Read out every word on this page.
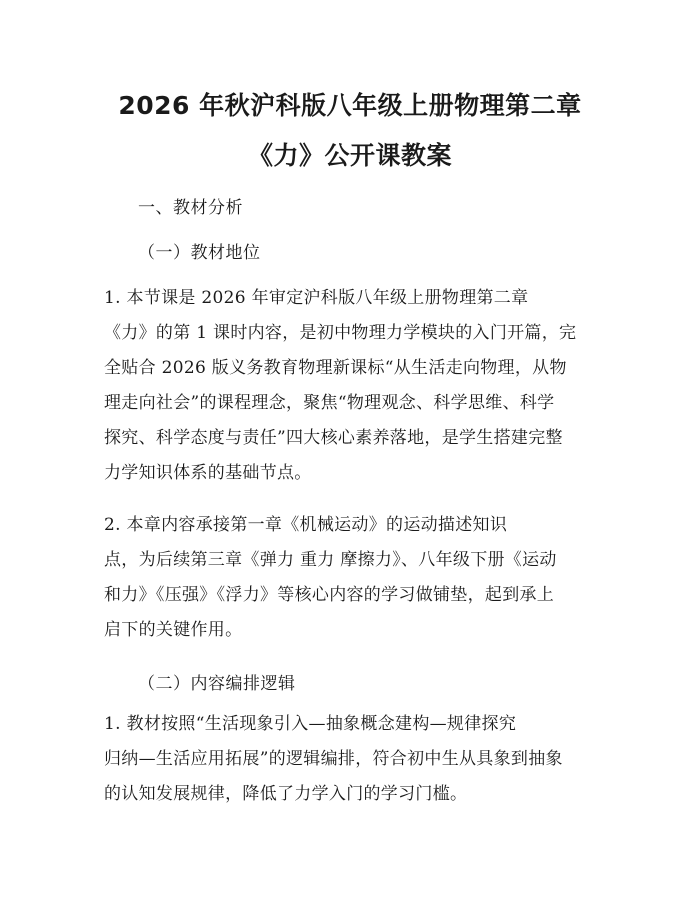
2026 年秋沪科版八年级上册物理第二章
《力》公开课教案
一、教材分析
（一）教材地位
1. 本节课是 2026 年审定沪科版八年级上册物理第二章
《力》的第 1 课时内容，是初中物理力学模块的入门开篇，完
全贴合 2026 版义务教育物理新课标“从生活走向物理，从物
理走向社会”的课程理念，聚焦“物理观念、科学思维、科学
探究、科学态度与责任”四大核心素养落地，是学生搭建完整
力学知识体系的基础节点。
2. 本章内容承接第一章《机械运动》的运动描述知识
点，为后续第三章《弹力 重力 摩擦力》、八年级下册《运动
和力》《压强》《浮力》等核心内容的学习做铺垫，起到承上
启下的关键作用。
（二）内容编排逻辑
1. 教材按照“生活现象引入—抽象概念建构—规律探究
归纳—生活应用拓展”的逻辑编排，符合初中生从具象到抽象
的认知发展规律，降低了力学入门的学习门槛。
